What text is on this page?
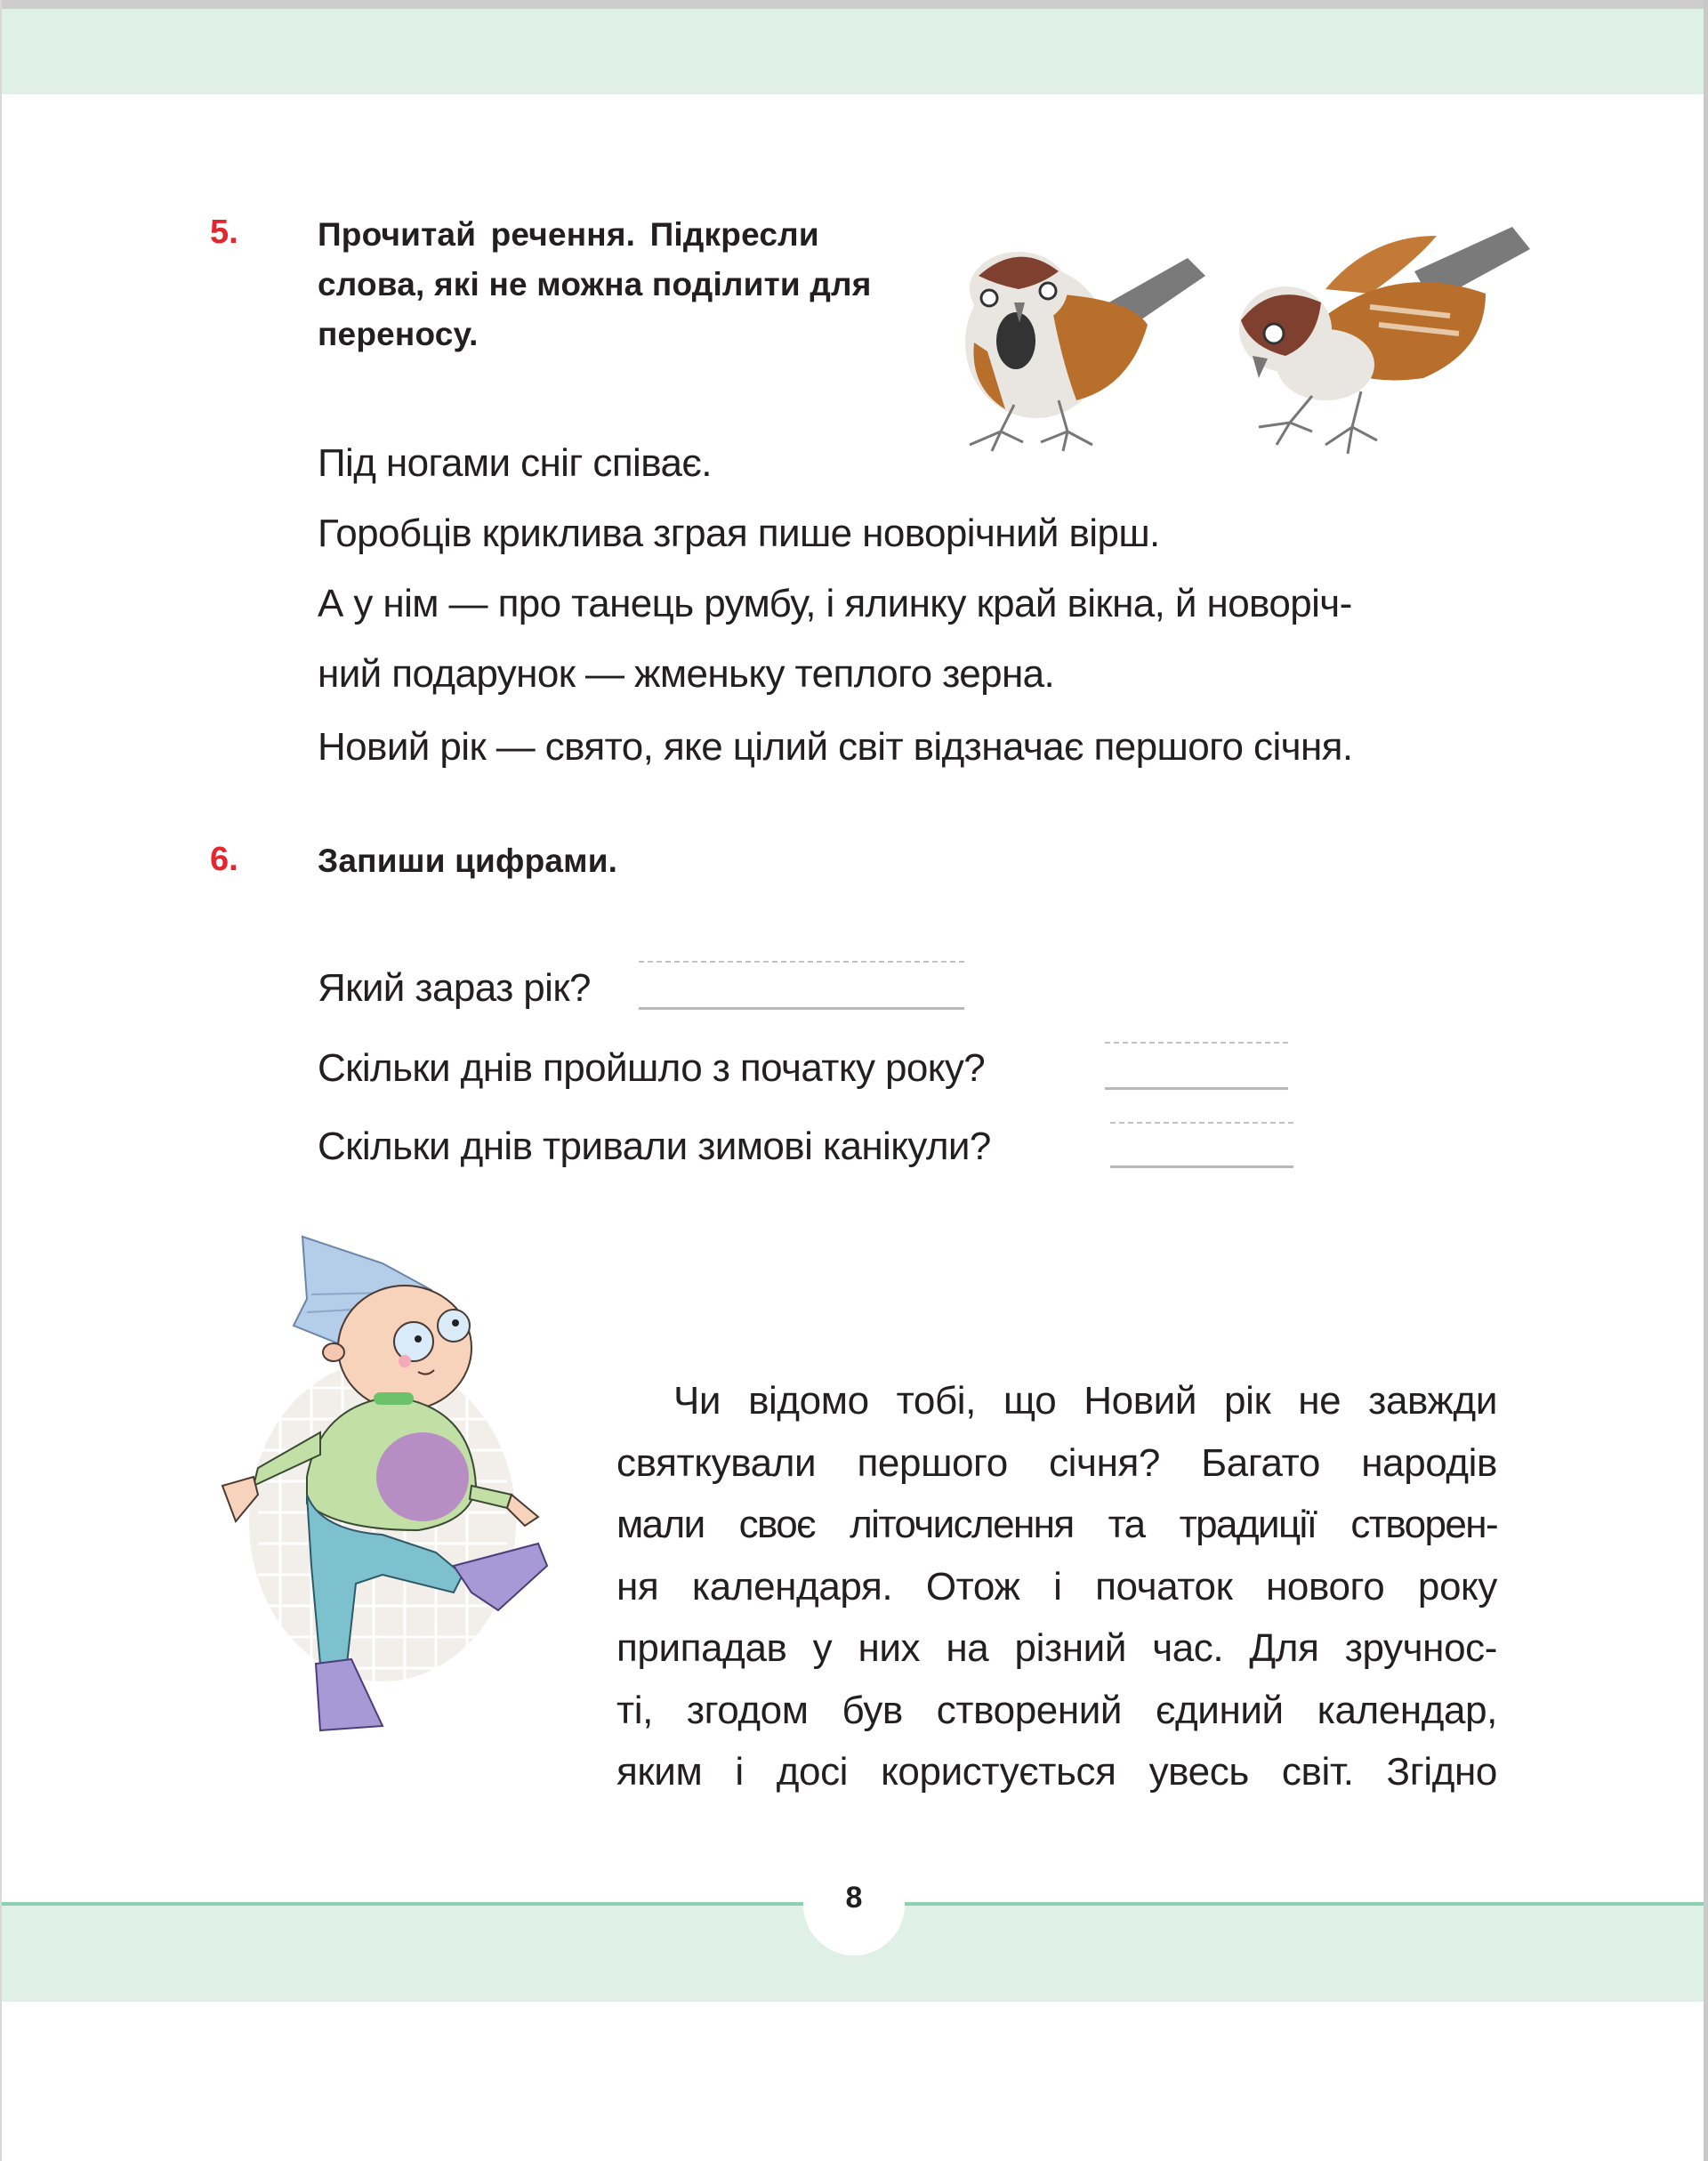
5. Прочитай речення. Підкресли
слова, які не можна поділити для
переносу.
Під ногами сніг співає.
Горобців криклива зграя пише новорічний вірш.
А у нім — про танець румбу, і ялинку край вікна, й новоріч-
ний подарунок — жменьку теплого зерна.
Новий рік — свято, яке цілий світ відзначає першого січня.
6. Запиши цифрами.
Який зараз рік?
Скільки днів пройшло з початку року?
Скільки днів тривали зимові канікули?
Чи відомо тобі, що Новий рік не завжди
святкували першого січня? Багато народів
мали своє літочислення та традиції створен-
ня календаря. Отож і початок нового року
припадав у них на різний час. Для зручнос-
ті, згодом був створений єдиний календар,
яким і досі користується увесь світ. Згідно
8
